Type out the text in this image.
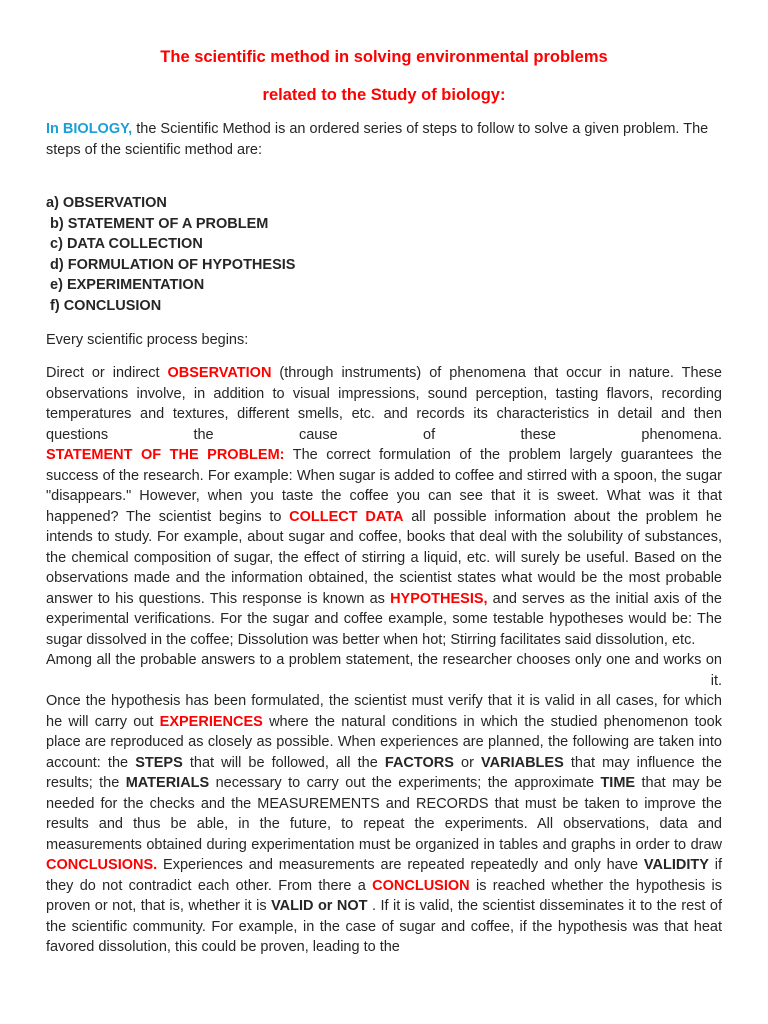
The scientific method in solving environmental problems
related to the Study of biology:
In BIOLOGY, the Scientific Method is an ordered series of steps to follow to solve a given problem. The steps of the scientific method are:
a) OBSERVATION
b) STATEMENT OF A PROBLEM
c) DATA COLLECTION
d) FORMULATION OF HYPOTHESIS
e) EXPERIMENTATION
f) CONCLUSION
Every scientific process begins:

Direct or indirect OBSERVATION (through instruments) of phenomena that occur in nature. These observations involve, in addition to visual impressions, sound perception, tasting flavors, recording temperatures and textures, different smells, etc. and records its characteristics in detail and then questions the cause of these phenomena.

STATEMENT OF THE PROBLEM: The correct formulation of the problem largely guarantees the success of the research. For example: When sugar is added to coffee and stirred with a spoon, the sugar "disappears." However, when you taste the coffee you can see that it is sweet. What was it that happened? The scientist begins to COLLECT DATA all possible information about the problem he intends to study. For example, about sugar and coffee, books that deal with the solubility of substances, the chemical composition of sugar, the effect of stirring a liquid, etc. will surely be useful. Based on the observations made and the information obtained, the scientist states what would be the most probable answer to his questions. This response is known as HYPOTHESIS, and serves as the initial axis of the experimental verifications. For the sugar and coffee example, some testable hypotheses would be: The sugar dissolved in the coffee; Dissolution was better when hot; Stirring facilitates said dissolution, etc.

Among all the probable answers to a problem statement, the researcher chooses only one and works on

it.

Once the hypothesis has been formulated, the scientist must verify that it is valid in all cases, for which he will carry out EXPERIENCES where the natural conditions in which the studied phenomenon took place are reproduced as closely as possible. When experiences are planned, the following are taken into account: the STEPS that will be followed, all the FACTORS or VARIABLES that may influence the results; the MATERIALS necessary to carry out the experiments; the approximate TIME that may be needed for the checks and the MEASUREMENTS and RECORDS that must be taken to improve the results and thus be able, in the future, to repeat the experiments. All observations, data and measurements obtained during experimentation must be organized in tables and graphs in order to draw CONCLUSIONS. Experiences and measurements are repeated repeatedly and only have VALIDITY if they do not contradict each other. From there a CONCLUSION is reached whether the hypothesis is proven or not, that is, whether it is VALID or NOT . If it is valid, the scientist disseminates it to the rest of the scientific community. For example, in the case of sugar and coffee, if the hypothesis was that heat favored dissolution, this could be proven, leading to the
